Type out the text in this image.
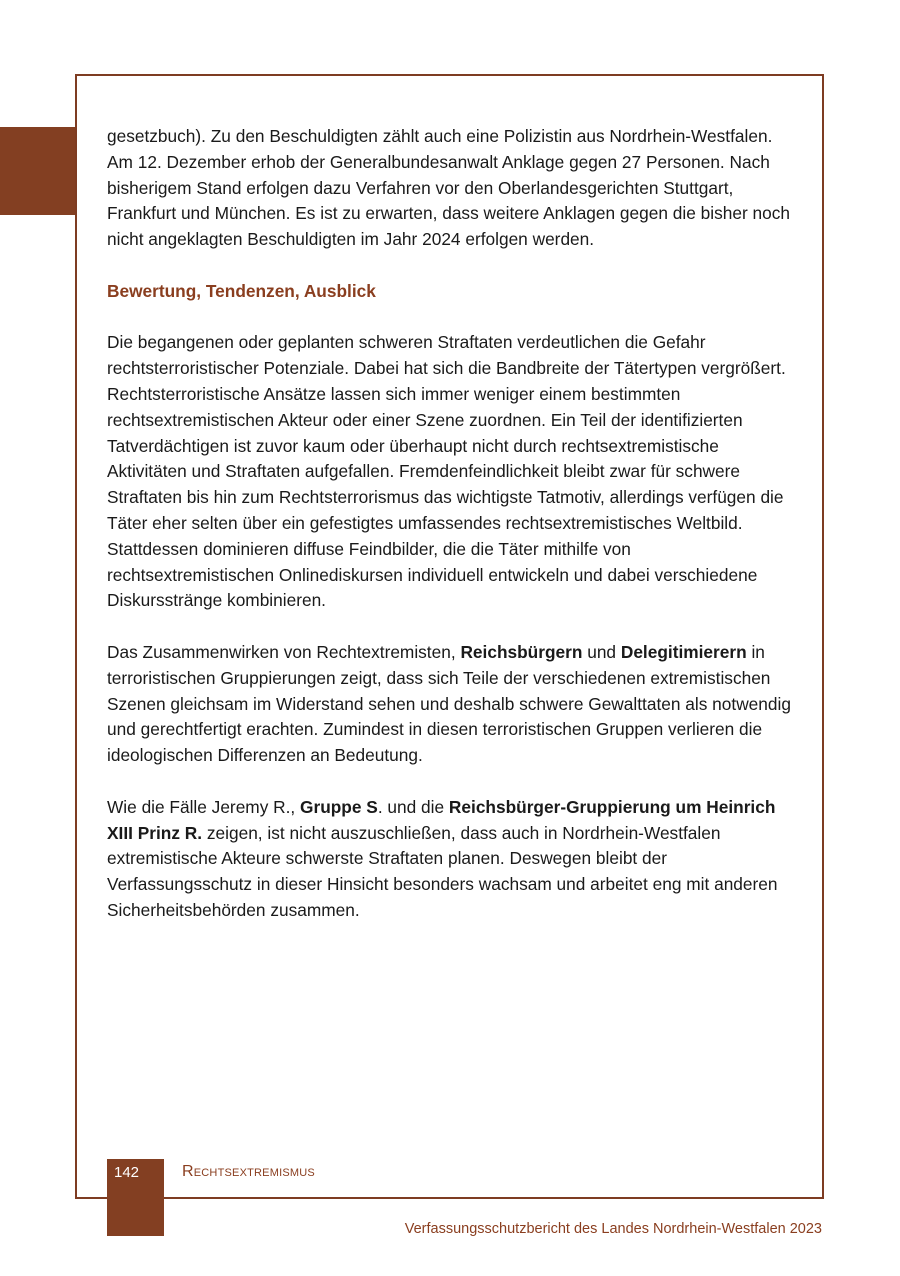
gesetzbuch). Zu den Beschuldigten zählt auch eine Polizistin aus Nordrhein-Westfalen. Am 12. Dezember erhob der Generalbundesanwalt Anklage gegen 27 Personen. Nach bisherigem Stand erfolgen dazu Verfahren vor den Oberlandesgerichten Stuttgart, Frankfurt und München. Es ist zu erwarten, dass weitere Anklagen gegen die bisher noch nicht angeklagten Beschuldigten im Jahr 2024 erfolgen werden.

Bewertung, Tendenzen, Ausblick

Die begangenen oder geplanten schweren Straftaten verdeutlichen die Gefahr rechtsterroristischer Potenziale. Dabei hat sich die Bandbreite der Tätertypen vergrößert. Rechtsterroristische Ansätze lassen sich immer weniger einem bestimmten rechtsextremistischen Akteur oder einer Szene zuordnen. Ein Teil der identifizierten Tatverdächtigen ist zuvor kaum oder überhaupt nicht durch rechtsextremistische Aktivitäten und Straftaten aufgefallen. Fremdenfeindlichkeit bleibt zwar für schwere Straftaten bis hin zum Rechtsterrorismus das wichtigste Tatmotiv, allerdings verfügen die Täter eher selten über ein gefestigtes umfassendes rechtsextremistisches Weltbild. Stattdessen dominieren diffuse Feindbilder, die die Täter mithilfe von rechtsextremistischen Onlinediskursen individuell entwickeln und dabei verschiedene Diskursstränge kombinieren.

Das Zusammenwirken von Rechtextremisten, Reichsbürgern und Delegitimierern in terroristischen Gruppierungen zeigt, dass sich Teile der verschiedenen extremistischen Szenen gleichsam im Widerstand sehen und deshalb schwere Gewalttaten als notwendig und gerechtfertigt erachten. Zumindest in diesen terroristischen Gruppen verlieren die ideologischen Differenzen an Bedeutung.

Wie die Fälle Jeremy R., Gruppe S. und die Reichsbürger-Gruppierung um Heinrich XIII Prinz R. zeigen, ist nicht auszuschließen, dass auch in Nordrhein-Westfalen extremistische Akteure schwerste Straftaten planen. Deswegen bleibt der Verfassungsschutz in dieser Hinsicht besonders wachsam und arbeitet eng mit anderen Sicherheitsbehörden zusammen.

142	Rechtsextremismus
Verfassungsschutzbericht des Landes Nordrhein-Westfalen 2023
